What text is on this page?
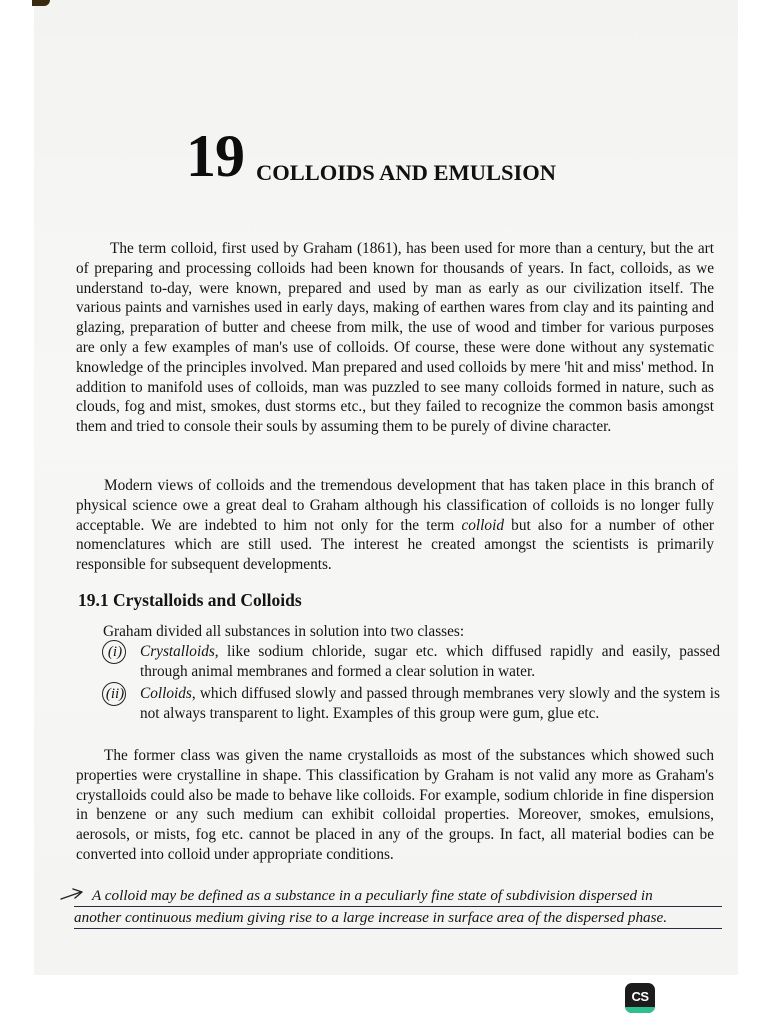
19 COLLOIDS AND EMULSION
The term colloid, first used by Graham (1861), has been used for more than a century, but the art of preparing and processing colloids had been known for thousands of years. In fact, colloids, as we understand to-day, were known, prepared and used by man as early as our civilization itself. The various paints and varnishes used in early days, making of earthen wares from clay and its painting and glazing, preparation of butter and cheese from milk, the use of wood and timber for various purposes are only a few examples of man's use of colloids. Of course, these were done without any systematic knowledge of the principles involved. Man prepared and used colloids by mere 'hit and miss' method. In addition to manifold uses of colloids, man was puzzled to see many colloids formed in nature, such as clouds, fog and mist, smokes, dust storms etc., but they failed to recognize the common basis amongst them and tried to console their souls by assuming them to be purely of divine character.
Modern views of colloids and the tremendous development that has taken place in this branch of physical science owe a great deal to Graham although his classification of colloids is no longer fully acceptable. We are indebted to him not only for the term colloid but also for a number of other nomenclatures which are still used. The interest he created amongst the scientists is primarily responsible for subsequent developments.
19.1 Crystalloids and Colloids
Graham divided all substances in solution into two classes:
(i)	Crystalloids, like sodium chloride, sugar etc. which diffused rapidly and easily, passed through animal membranes and formed a clear solution in water.
(ii)	Colloids, which diffused slowly and passed through membranes very slowly and the system is not always transparent to light. Examples of this group were gum, glue etc.
The former class was given the name crystalloids as most of the substances which showed such properties were crystalline in shape. This classification by Graham is not valid any more as Graham's crystalloids could also be made to behave like colloids. For example, sodium chloride in fine dispersion in benzene or any such medium can exhibit colloidal properties. Moreover, smokes, emulsions, aerosols, or mists, fog etc. cannot be placed in any of the groups. In fact, all material bodies can be converted into colloid under appropriate conditions.
A colloid may be defined as a substance in a peculiarly fine state of subdivision dispersed in
another continuous medium giving rise to a large increase in surface area of the dispersed phase.
CS
